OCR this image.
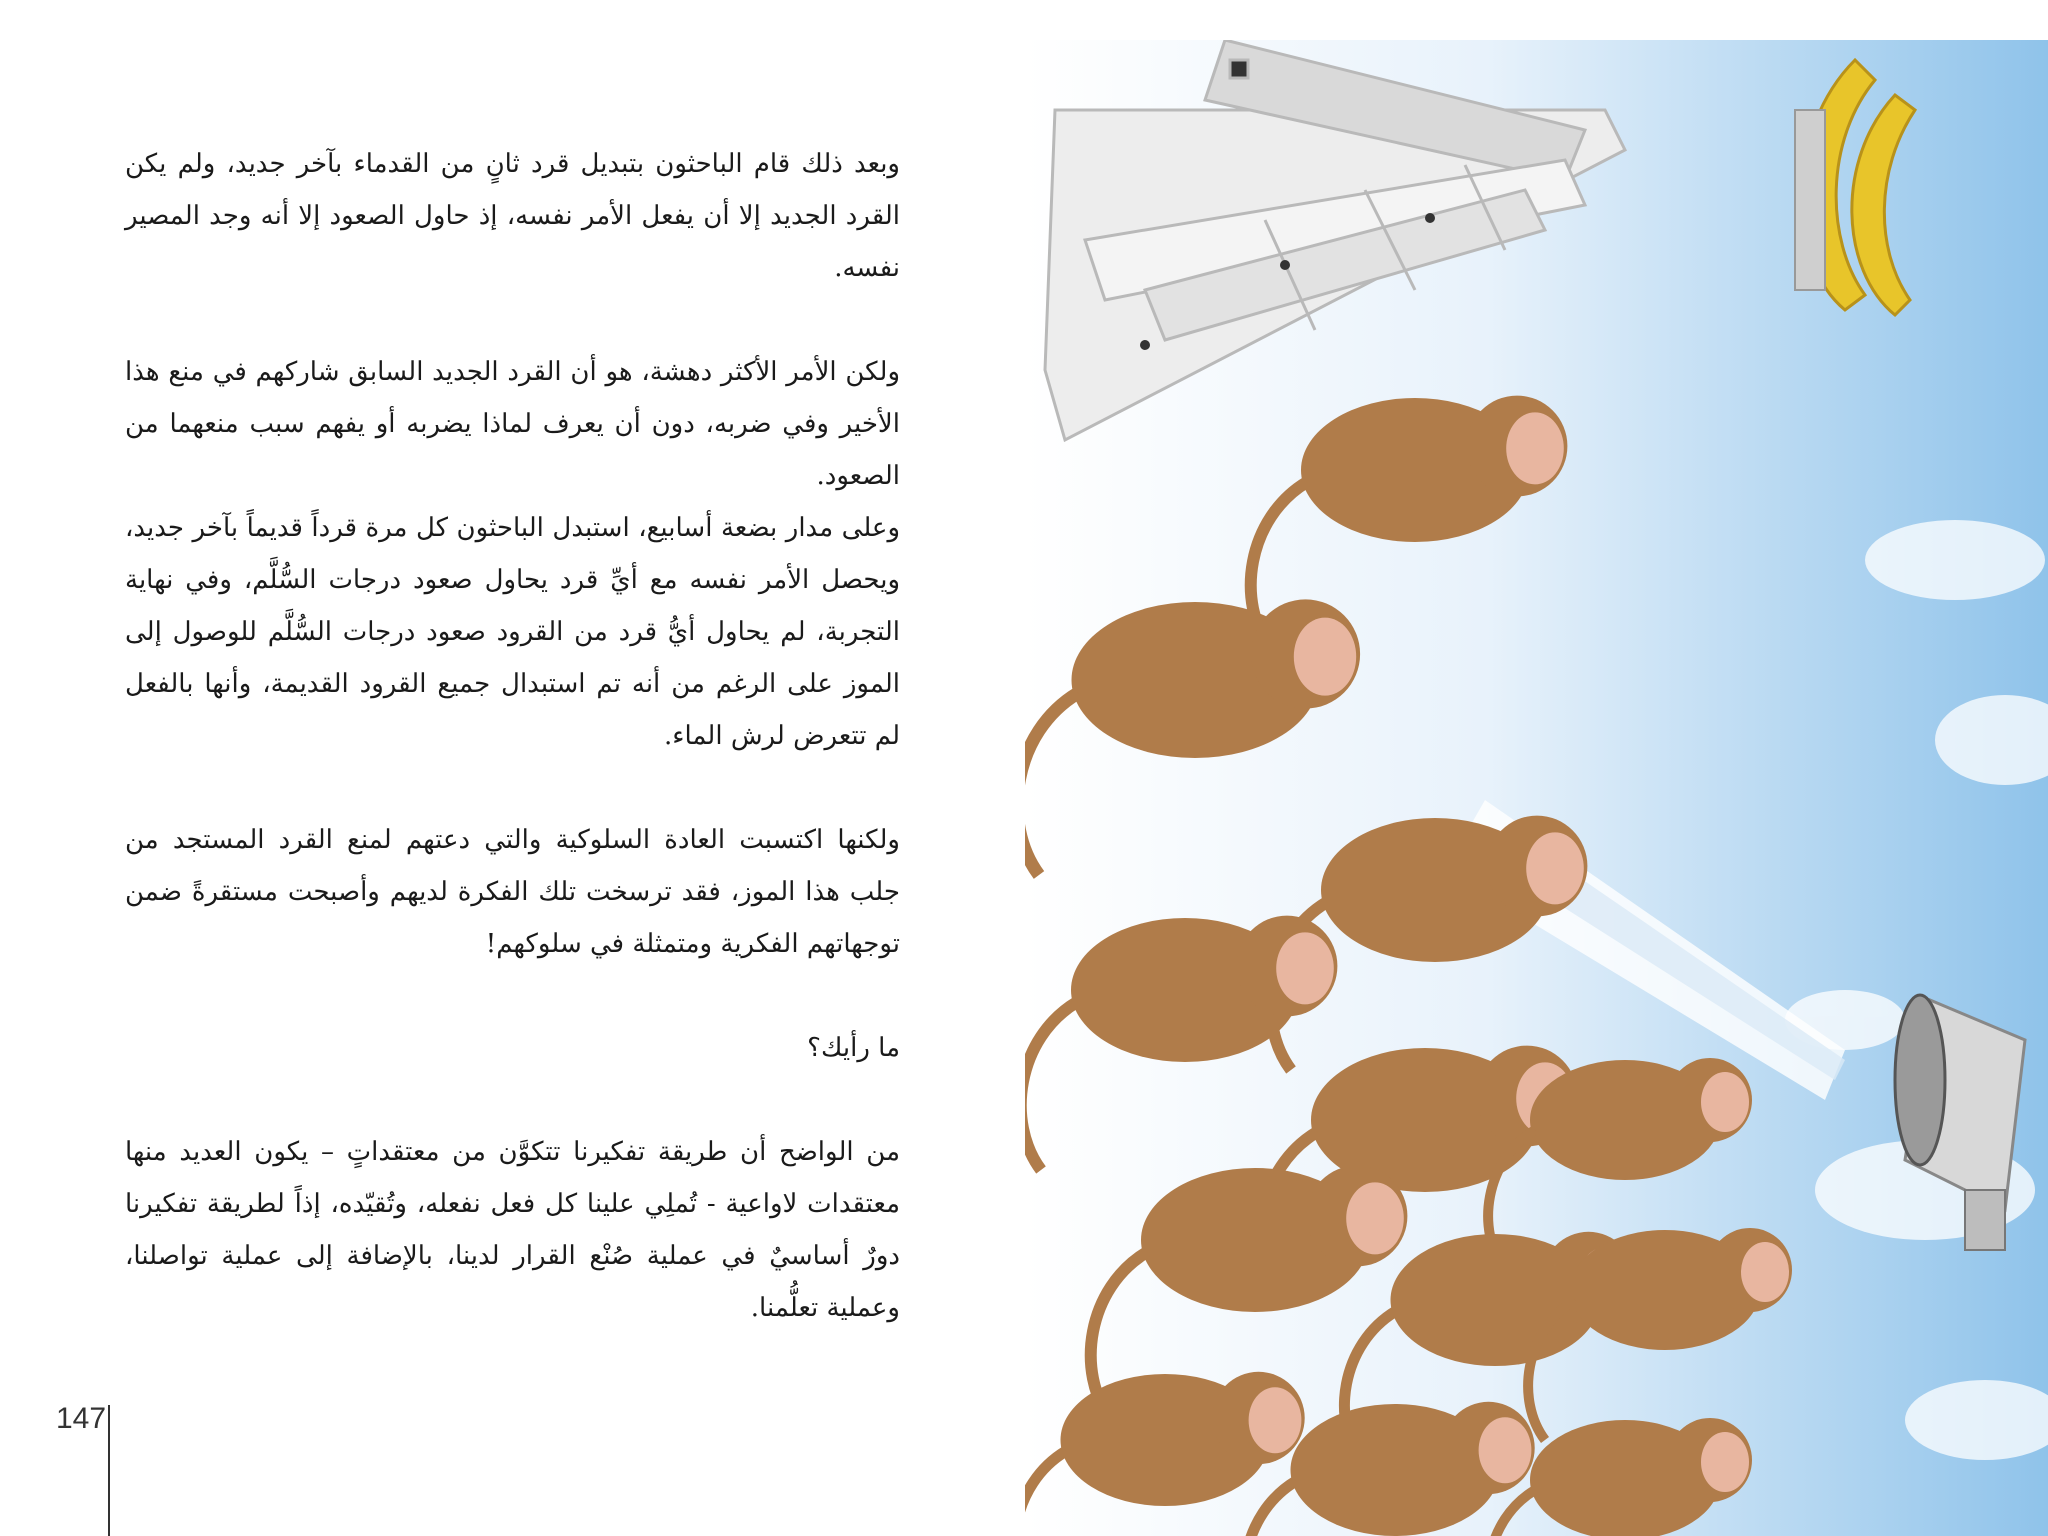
وبعد ذلك قام الباحثون بتبديل قرد ثانٍ من القدماء بآخر جديد، ولم يكن القرد الجديد إلا أن يفعل الأمر نفسه، إذ حاول الصعود إلا أنه وجد المصير نفسه.

ولكن الأمر الأكثر دهشة، هو أن القرد الجديد السابق شاركهم في منع هذا الأخير وفي ضربه، دون أن يعرف لماذا يضربه أو يفهم سبب منعهما من الصعود.

وعلى مدار بضعة أسابيع، استبدل الباحثون كل مرة قرداً قديماً بآخر جديد، ويحصل الأمر نفسه مع أيِّ قرد يحاول صعود درجات السُّلَّم، وفي نهاية التجربة، لم يحاول أيُّ قرد من القرود صعود درجات السُّلَّم للوصول إلى الموز على الرغم من أنه تم استبدال جميع القرود القديمة، وأنها بالفعل لم تتعرض لرش الماء.

ولكنها اكتسبت العادة السلوكية والتي دعتهم لمنع القرد المستجد من جلب هذا الموز، فقد ترسخت تلك الفكرة لديهم وأصبحت مستقرةً ضمن توجهاتهم الفكرية ومتمثلة في سلوكهم!

ما رأيك؟

من الواضح أن طريقة تفكيرنا تتكوَّن من معتقداتٍ – يكون العديد منها معتقدات لاواعية - تُملِي علينا كل فعل نفعله، وتُقيّده، إذاً لطريقة تفكيرنا دورٌ أساسيٌ في عملية صُنْع القرار لدينا، بالإضافة إلى عملية تواصلنا، وعملية تعلُّمنا.

147
